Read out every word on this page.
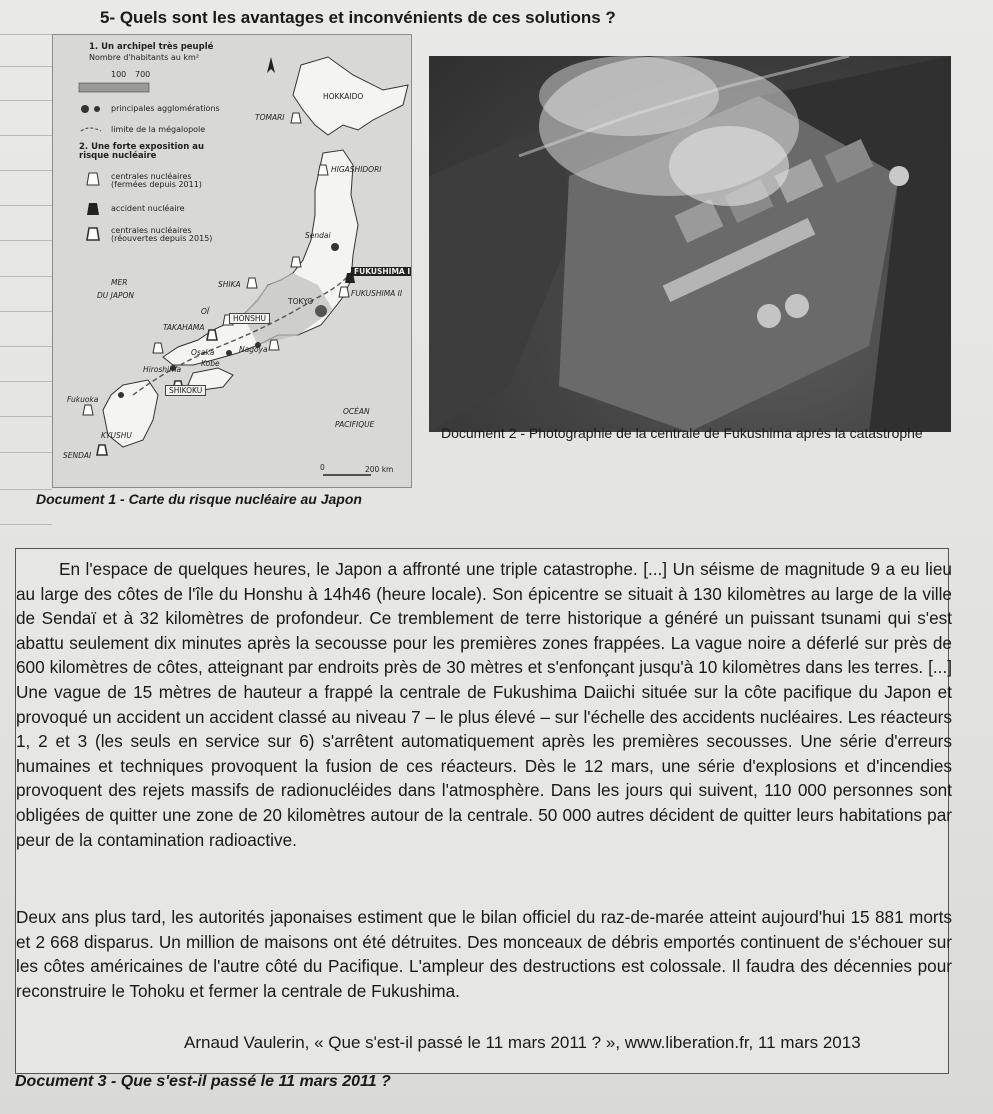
5- Quels sont les avantages et inconvénients de ces solutions ?
1. Un archipel très peuplé
Nombre d'habitants au km²
100 700
principales agglomérations
limite de la mégalopole
2. Une forte exposition au risque nucléaire
centrales nucléaires (fermées depuis 2011)
accident nucléaire
centrales nucléaires (réouvertes depuis 2015)
HOKKAIDO
TOMARI
HIGASHIDORI
Sendai
FUKUSHIMA I
FUKUSHIMA II
TOKYO
SHIKA
MER
DU JAPON
OÏ
TAKAHAMA
HONSHU
Nagoya
Osaka
Kobe
Hiroshima
SHIKOKU
Fukuoka
KYUSHU
SENDAI
OCÉAN
PACIFIQUE
0	200 km
Document 1 - Carte du risque nucléaire au Japon
Document 2 - Photographie de la centrale de Fukushima après la catastrophe

En l'espace de quelques heures, le Japon a affronté une triple catastrophe. [...] Un séisme de magnitude 9 a eu lieu au large des côtes de l'île du Honshu à 14h46 (heure locale). Son épicentre se situait à 130 kilomètres au large de la ville de Sendaï et à 32 kilomètres de profondeur. Ce tremblement de terre historique a généré un puissant tsunami qui s'est abattu seulement dix minutes après la secousse pour les premières zones frappées. La vague noire a déferlé sur près de 600 kilomètres de côtes, atteignant par endroits près de 30 mètres et s'enfonçant jusqu'à 10 kilomètres dans les terres. [...] Une vague de 15 mètres de hauteur a frappé la centrale de Fukushima Daiichi située sur la côte pacifique du Japon et provoqué un accident un accident classé au niveau 7 – le plus élevé – sur l'échelle des accidents nucléaires. Les réacteurs 1, 2 et 3 (les seuls en service sur 6) s'arrêtent automatiquement après les premières secousses. Une série d'erreurs humaines et techniques provoquent la fusion de ces réacteurs. Dès le 12 mars, une série d'explosions et d'incendies provoquent des rejets massifs de radionucléides dans l'atmosphère. Dans les jours qui suivent, 110 000 personnes sont obligées de quitter une zone de 20 kilomètres autour de la centrale. 50 000 autres décident de quitter leurs habitations par peur de la contamination radioactive.

Deux ans plus tard, les autorités japonaises estiment que le bilan officiel du raz-de-marée atteint aujourd'hui 15 881 morts et 2 668 disparus. Un million de maisons ont été détruites. Des monceaux de débris emportés continuent de s'échouer sur les côtes américaines de l'autre côté du Pacifique. L'ampleur des destructions est colossale. Il faudra des décennies pour reconstruire le Tohoku et fermer la centrale de Fukushima.

Arnaud Vaulerin, « Que s'est-il passé le 11 mars 2011 ? », www.liberation.fr, 11 mars 2013
Document 3 - Que s'est-il passé le 11 mars 2011 ?
